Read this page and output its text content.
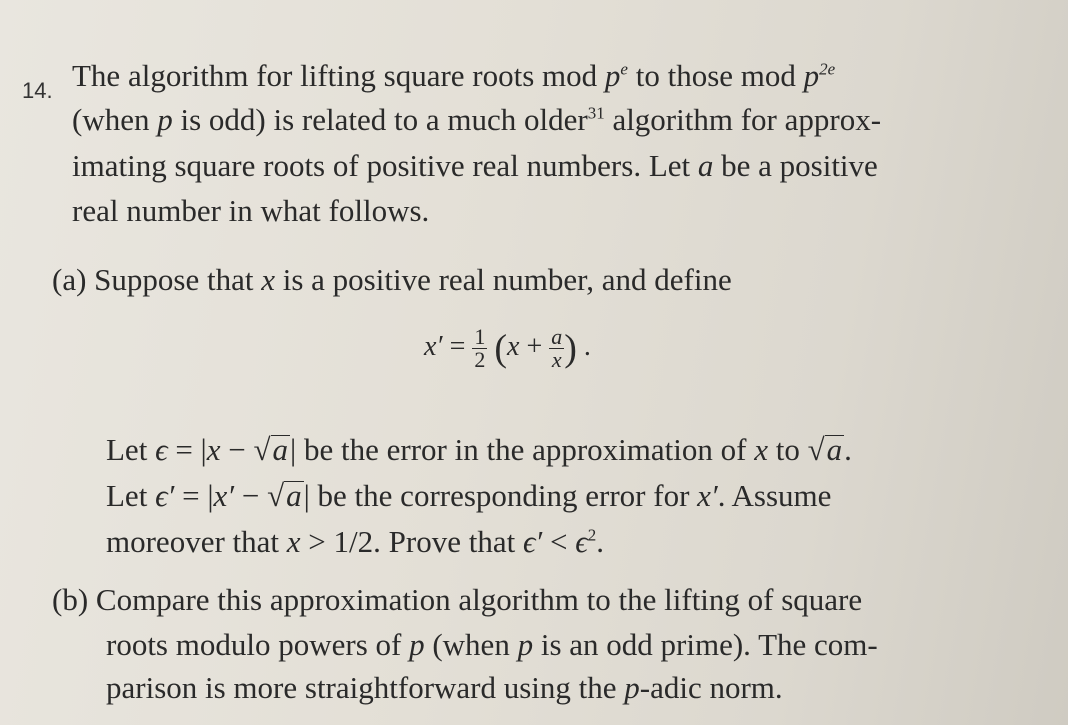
14. The algorithm for lifting square roots mod $p^e$ to those mod $p^{2e}$
(when p is odd) is related to a much older$^{31}$ algorithm for approx-
imating square roots of positive real numbers. Let a be a positive
real number in what follows.
(a) Suppose that x is a positive real number, and define
$x' = \frac{1}{2} (x + \frac{a}{x}$ ) .
Let ϵ = |x − √a| be the error in the approximation of x to √a.
Let ϵ′ = |x′ − √a| be the corresponding error for x′. Assume
moreover that x > 1/2. Prove that $\epsilon' < \epsilon^2$.
(b) Compare this approximation algorithm to the lifting of square
roots modulo powers of p (when p is an odd prime). The com-
parison is more straightforward using the p-adic norm.
